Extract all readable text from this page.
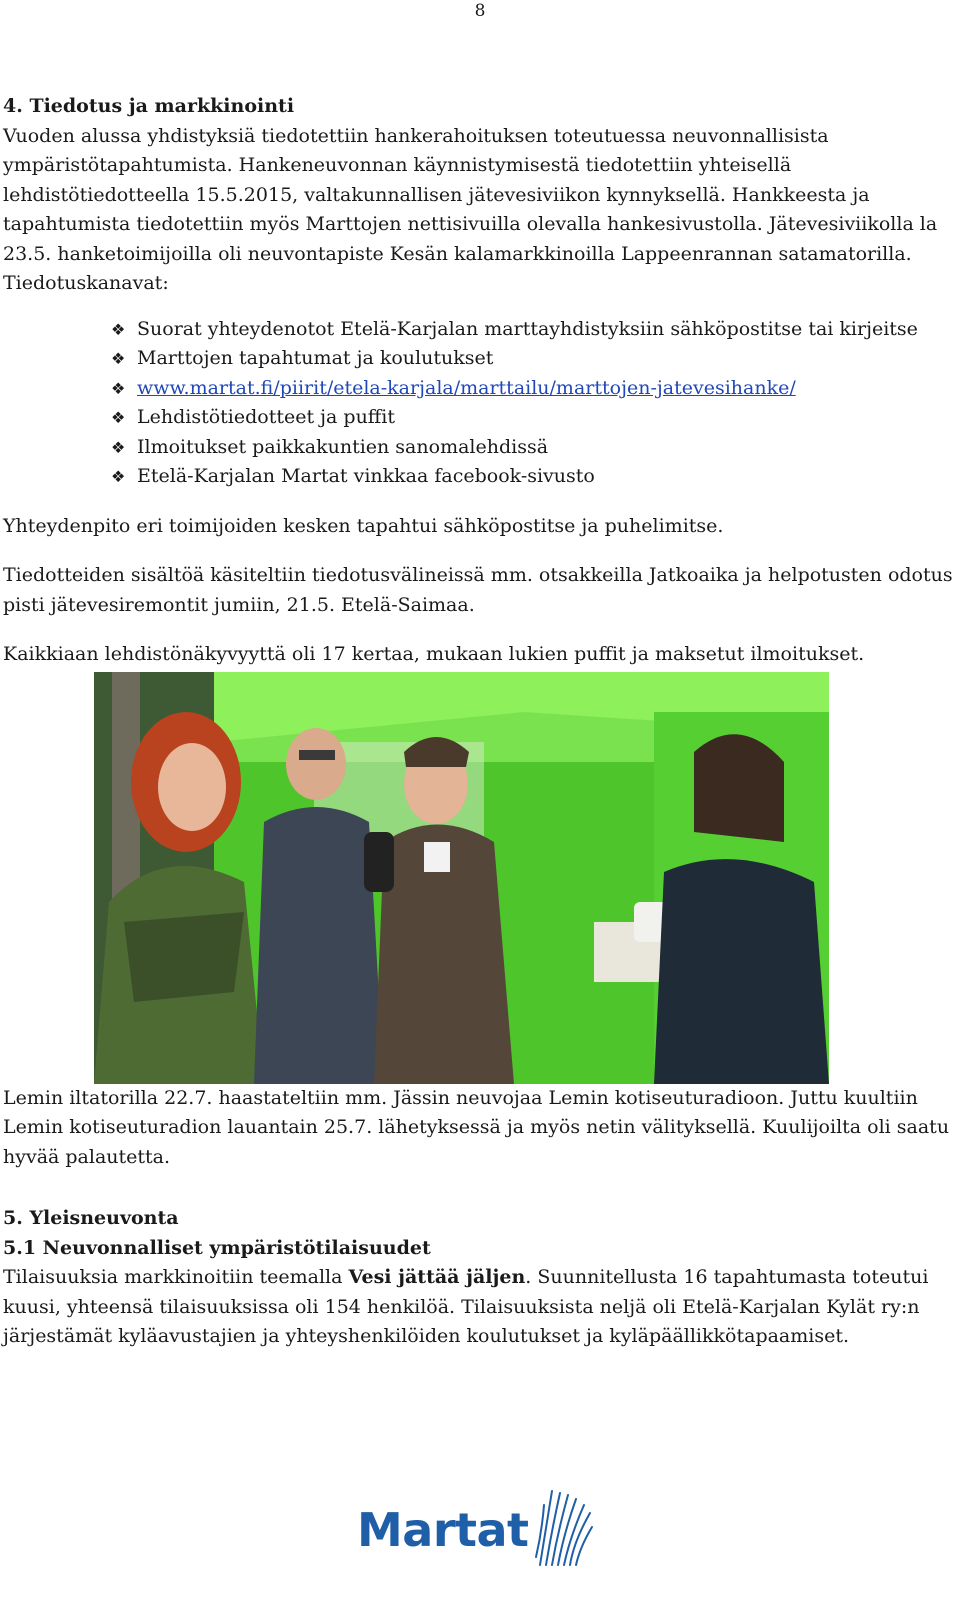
8
4. Tiedotus ja markkinointi

Vuoden alussa yhdistyksiä tiedotettiin hankerahoituksen toteutuessa neuvonnallisista ympäristötapahtumista. Hankeneuvonnan käynnistymisestä tiedotettiin yhteisellä lehdistötiedotteella 15.5.2015, valtakunnallisen jätevesiviikon kynnyksellä. Hankkeesta ja tapahtumista tiedotettiin myös Marttojen nettisivuilla olevalla hankesivustolla. Jätevesiviikolla la 23.5. hanketoimijoilla oli neuvontapiste Kesän kalamarkkinoilla Lappeenrannan satamatorilla.

Tiedotuskanavat:

❖ Suorat yhteydenotot Etelä-Karjalan marttayhdistyksiin sähköpostitse tai kirjeitse
❖ Marttojen tapahtumat ja koulutukset
❖ www.martat.fi/piirit/etela-karjala/marttailu/marttojen-jatevesihanke/
❖ Lehdistötiedotteet ja puffit
❖ Ilmoitukset paikkakuntien sanomalehdissä
❖ Etelä-Karjalan Martat vinkkaa facebook-sivusto

Yhteydenpito eri toimijoiden kesken tapahtui sähköpostitse ja puhelimitse.

Tiedotteiden sisältöä käsiteltiin tiedotusvälineissä mm. otsakkeilla Jatkoaika ja helpotusten odotus pisti jätevesiremontit jumiin, 21.5. Etelä-Saimaa.

Kaikkiaan lehdistönäkyvyyttä oli 17 kertaa, mukaan lukien puffit ja maksetut ilmoitukset.

Lemin iltatorilla 22.7. haastateltiin mm. Jässin neuvojaa Lemin kotiseuturadioon. Juttu kuultiin Lemin kotiseuturadion lauantain 25.7. lähetyksessä ja myös netin välityksellä. Kuulijoilta oli saatu hyvää palautetta.

5. Yleisneuvonta
5.1 Neuvonnalliset ympäristötilaisuudet

Tilaisuuksia markkinoitiin teemalla Vesi jättää jäljen. Suunnitellusta 16 tapahtumasta toteutui kuusi, yhteensä tilaisuuksissa oli 154 henkilöä. Tilaisuuksista neljä oli Etelä-Karjalan Kylät ry:n järjestämät kyläavustajien ja yhteyshenkilöiden koulutukset ja kyläpäällikkötapaamiset.

Martat
